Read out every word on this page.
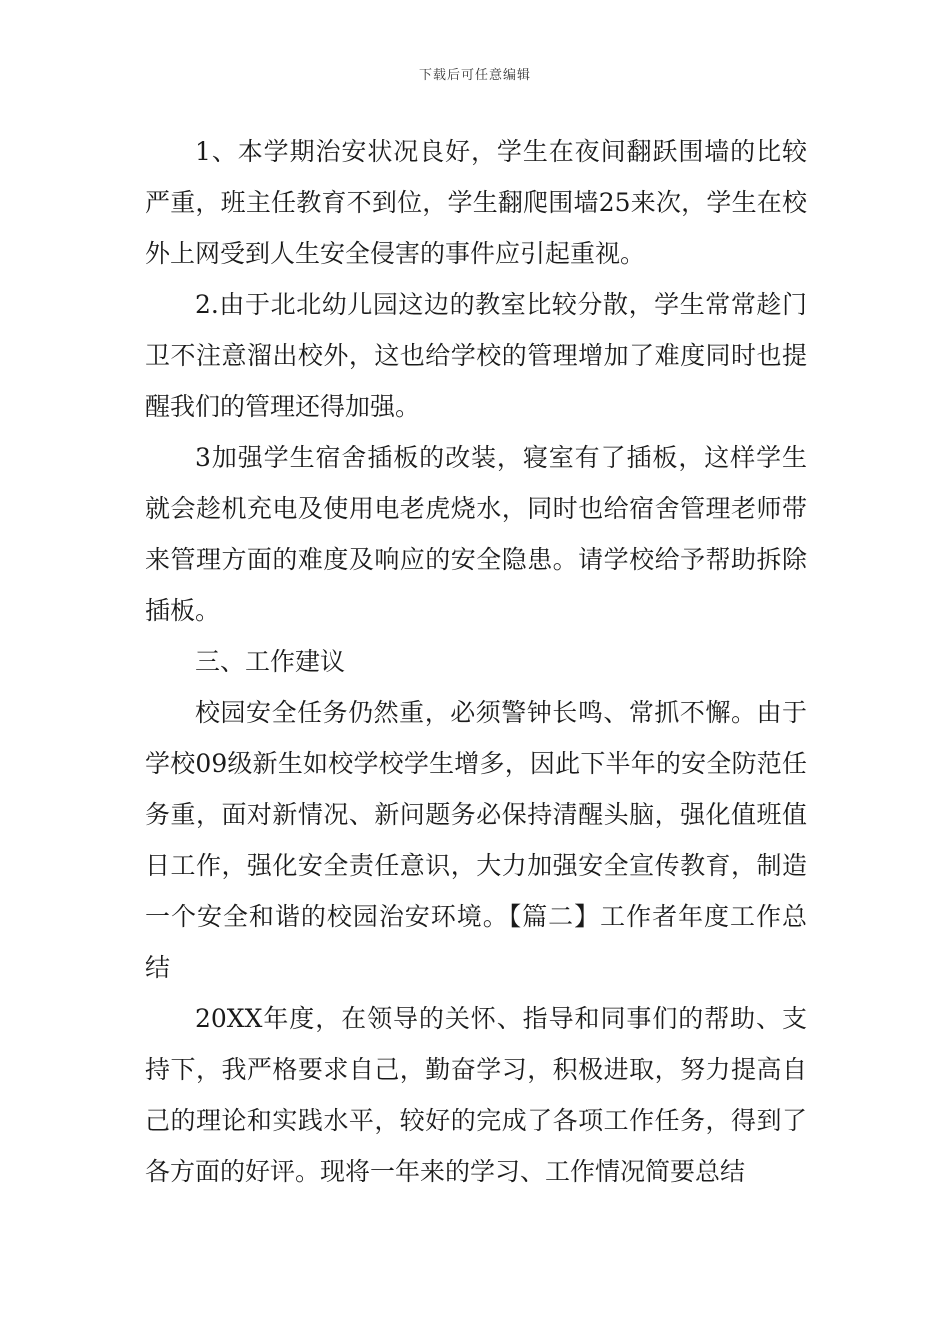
下载后可任意编辑

1、本学期治安状况良好，学生在夜间翻跃围墙的比较严重，班主任教育不到位，学生翻爬围墙25来次，学生在校外上网受到人生安全侵害的事件应引起重视。

2.由于北北幼儿园这边的教室比较分散，学生常常趁门卫不注意溜出校外，这也给学校的管理增加了难度同时也提醒我们的管理还得加强。

3加强学生宿舍插板的改装，寝室有了插板，这样学生就会趁机充电及使用电老虎烧水，同时也给宿舍管理老师带来管理方面的难度及响应的安全隐患。请学校给予帮助拆除插板。

三、工作建议

校园安全任务仍然重，必须警钟长鸣、常抓不懈。由于学校09级新生如校学校学生增多，因此下半年的安全防范任务重，面对新情况、新问题务必保持清醒头脑，强化值班值日工作，强化安全责任意识，大力加强安全宣传教育，制造一个安全和谐的校园治安环境。【篇二】工作者年度工作总结

20XX年度，在领导的关怀、指导和同事们的帮助、支持下，我严格要求自己，勤奋学习，积极进取，努力提高自己的理论和实践水平，较好的完成了各项工作任务，得到了各方面的好评。现将一年来的学习、工作情况简要总结
